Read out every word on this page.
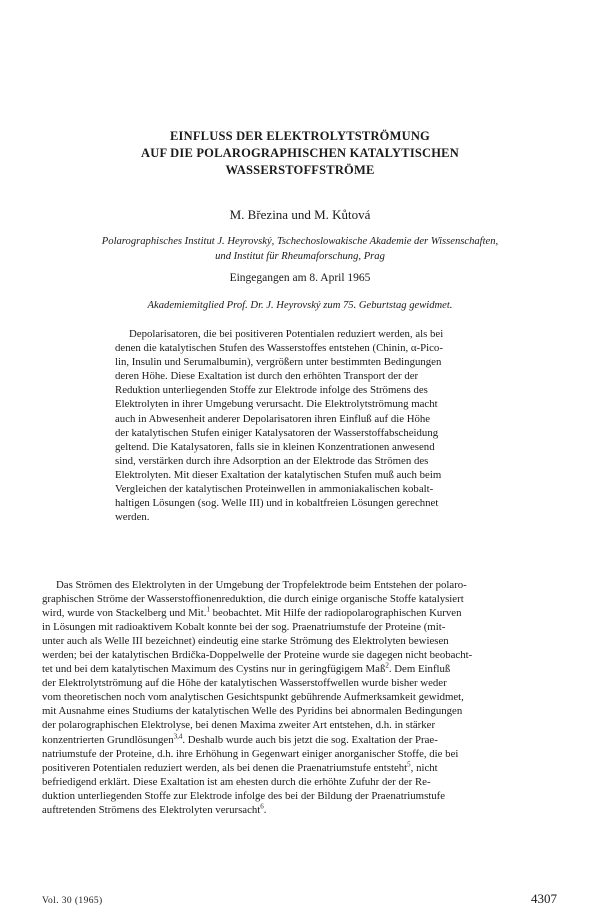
EINFLUSS DER ELEKTROLYTSTRÖMUNG
AUF DIE POLAROGRAPHISCHEN KATALYTISCHEN
WASSERSTOFFSTRÖME
M. Březina und M. Kůtová
Polarographisches Institut J. Heyrovský, Tschechoslowakische Akademie der Wissenschaften,
und Institut für Rheumaforschung, Prag
Eingegangen am 8. April 1965
Akademiemitglied Prof. Dr. J. Heyrovský zum 75. Geburtstag gewidmet.
Depolarisatoren, die bei positiveren Potentialen reduziert werden, als bei
denen die katalytischen Stufen des Wasserstoffes entstehen (Chinin, α-Pico-
lin, Insulin und Serumalbumin), vergrößern unter bestimmten Bedingungen
deren Höhe. Diese Exaltation ist durch den erhöhten Transport der der
Reduktion unterliegenden Stoffe zur Elektrode infolge des Strömens des
Elektrolyten in ihrer Umgebung verursacht. Die Elektrolytströmung macht
auch in Abwesenheit anderer Depolarisatoren ihren Einfluß auf die Höhe
der katalytischen Stufen einiger Katalysatoren der Wasserstoffabscheidung
geltend. Die Katalysatoren, falls sie in kleinen Konzentrationen anwesend
sind, verstärken durch ihre Adsorption an der Elektrode das Strömen des
Elektrolyten. Mit dieser Exaltation der katalytischen Stufen muß auch beim
Vergleichen der katalytischen Proteinwellen in ammoniakalischen kobalt-
haltigen Lösungen (sog. Welle III) und in kobaltfreien Lösungen gerechnet
werden.
Das Strömen des Elektrolyten in der Umgebung der Tropfelektrode beim Entstehen der polaro-
graphischen Ströme der Wasserstoffionenreduktion, die durch einige organische Stoffe katalysiert
wird, wurde von Stackelberg und Mit.$^1$ beobachtet. Mit Hilfe der radiopolarographischen Kurven
in Lösungen mit radioaktivem Kobalt konnte bei der sog. Praenatriumstufe der Proteine (mit-
unter auch als Welle III bezeichnet) eindeutig eine starke Strömung des Elektrolyten bewiesen
werden; bei der katalytischen Brdička-Doppelwelle der Proteine wurde sie dagegen nicht beobacht-
tet und bei dem katalytischen Maximum des Cystins nur in geringfügigem Maß$^2$. Dem Einfluß
der Elektrolytströmung auf die Höhe der katalytischen Wasserstoffwellen wurde bisher weder
vom theoretischen noch vom analytischen Gesichtspunkt gebührende Aufmerksamkeit gewidmet,
mit Ausnahme eines Studiums der katalytischen Welle des Pyridins bei abnormalen Bedingungen
der polarographischen Elektrolyse, bei denen Maxima zweiter Art entstehen, d.h. in stärker
konzentrierten Grundlösungen$^{3,4}$. Deshalb wurde auch bis jetzt die sog. Exaltation der Prae-
natriumstufe der Proteine, d.h. ihre Erhöhung in Gegenwart einiger anorganischer Stoffe, die bei
positiveren Potentialen reduziert werden, als bei denen die Praenatriumstufe entsteht$^5$, nicht
befriedigend erklärt. Diese Exaltation ist am ehesten durch die erhöhte Zufuhr der der Re-
duktion unterliegenden Stoffe zur Elektrode infolge des bei der Bildung der Praenatriumstufe
auftretenden Strömens des Elektrolyten verursacht$^6$.
Vol. 30 (1965)	4307
